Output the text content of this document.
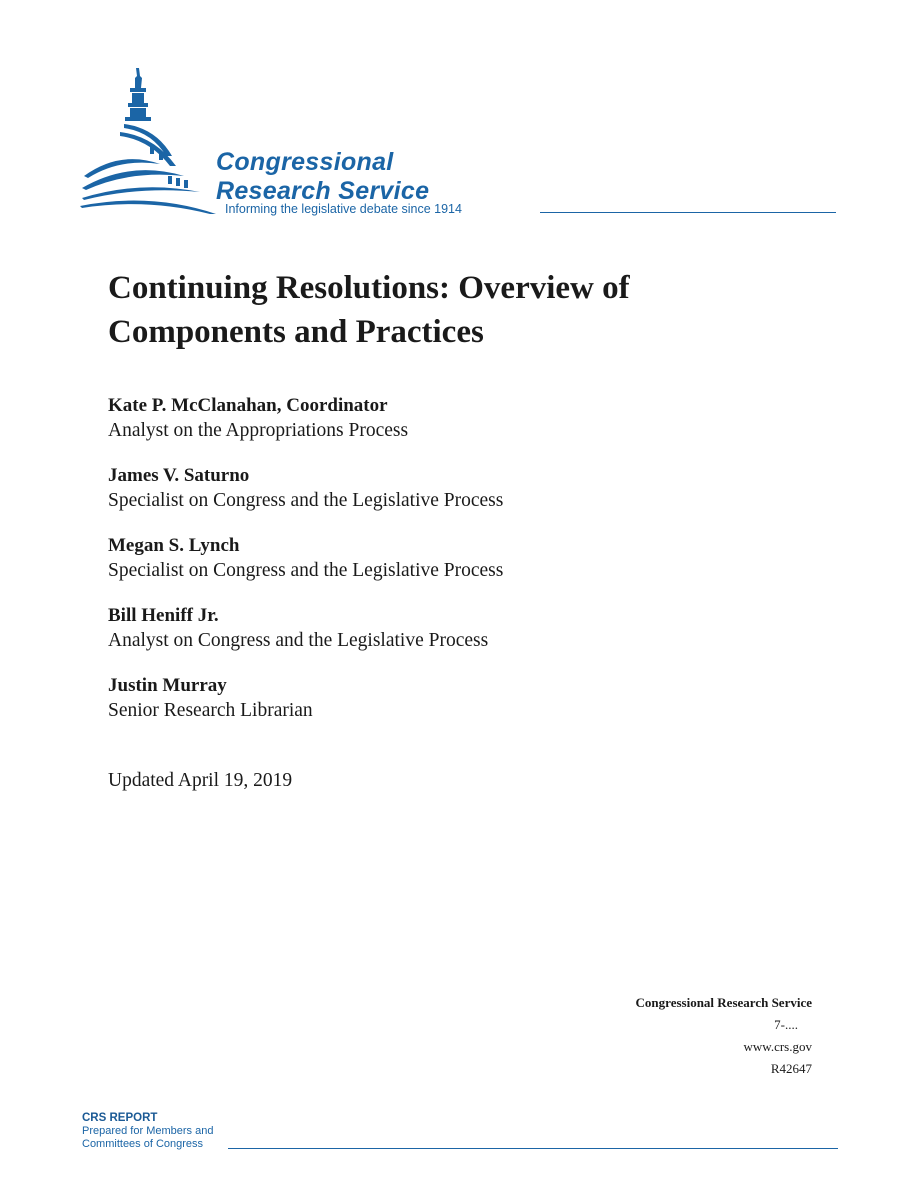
Congressional
Research Service
Informing the legislative debate since 1914
Continuing Resolutions: Overview of
Components and Practices
Kate P. McClanahan, Coordinator
Analyst on the Appropriations Process
James V. Saturno
Specialist on Congress and the Legislative Process
Megan S. Lynch
Specialist on Congress and the Legislative Process
Bill Heniff Jr.
Analyst on Congress and the Legislative Process
Justin Murray
Senior Research Librarian
Updated April 19, 2019
Congressional Research Service
7-....
www.crs.gov
R42647
CRS REPORT
Prepared for Members and
Committees of Congress
